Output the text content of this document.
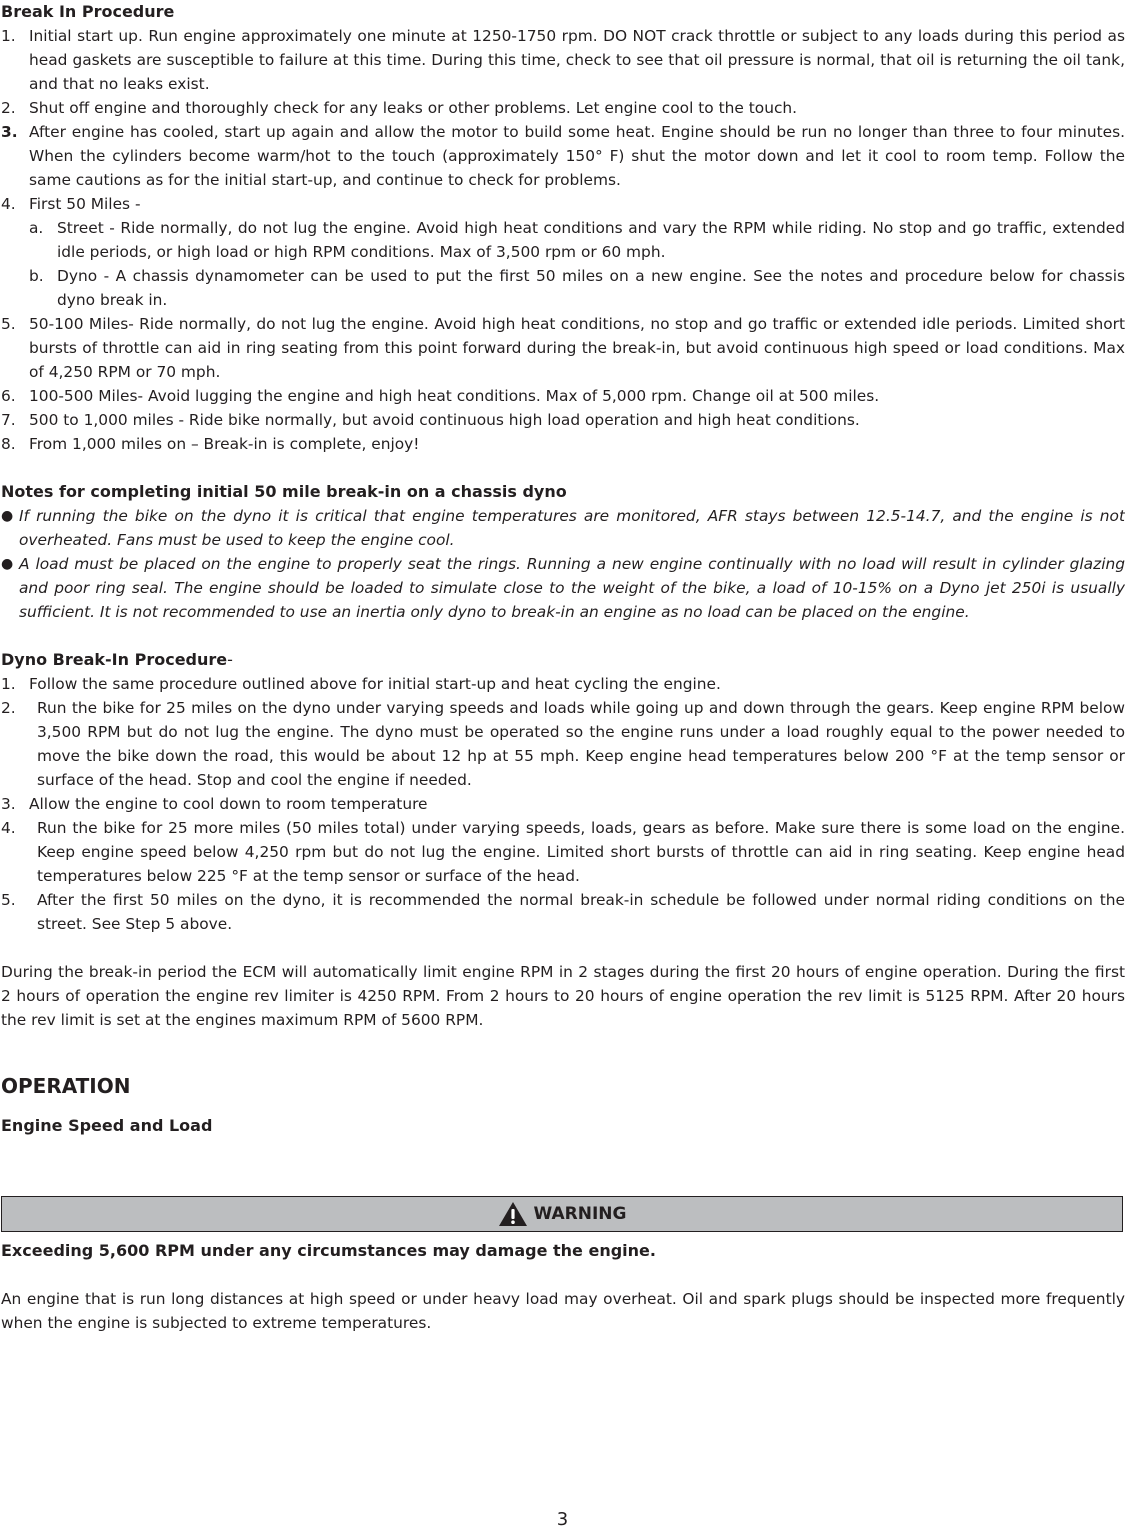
Break In Procedure

1. Initial start up. Run engine approximately one minute at 1250-1750 rpm. DO NOT crack throttle or subject to any loads during this period as head gaskets are susceptible to failure at this time. During this time, check to see that oil pressure is normal, that oil is returning the oil tank, and that no leaks exist.
2. Shut off engine and thoroughly check for any leaks or other problems. Let engine cool to the touch.
3. After engine has cooled, start up again and allow the motor to build some heat. Engine should be run no longer than three to four minutes. When the cylinders become warm/hot to the touch (approximately 150° F) shut the motor down and let it cool to room temp. Follow the same cautions as for the initial start-up, and continue to check for problems.
4. First 50 Miles -
a. Street - Ride normally, do not lug the engine. Avoid high heat conditions and vary the RPM while riding. No stop and go traffic, extended idle periods, or high load or high RPM conditions. Max of 3,500 rpm or 60 mph.
b. Dyno - A chassis dynamometer can be used to put the first 50 miles on a new engine. See the notes and procedure below for chassis dyno break in.
5. 50-100 Miles- Ride normally, do not lug the engine. Avoid high heat conditions, no stop and go traffic or extended idle periods. Limited short bursts of throttle can aid in ring seating from this point forward during the break-in, but avoid continuous high speed or load conditions. Max of 4,250 RPM or 70 mph.
6. 100-500 Miles- Avoid lugging the engine and high heat conditions. Max of 5,000 rpm. Change oil at 500 miles.
7. 500 to 1,000 miles - Ride bike normally, but avoid continuous high load operation and high heat conditions.
8. From 1,000 miles on – Break-in is complete, enjoy!

Notes for completing initial 50 mile break-in on a chassis dyno

● If running the bike on the dyno it is critical that engine temperatures are monitored, AFR stays between 12.5-14.7, and the engine is not overheated. Fans must be used to keep the engine cool.
● A load must be placed on the engine to properly seat the rings. Running a new engine continually with no load will result in cylinder glazing and poor ring seal. The engine should be loaded to simulate close to the weight of the bike, a load of 10-15% on a Dyno jet 250i is usually sufficient. It is not recommended to use an inertia only dyno to break-in an engine as no load can be placed on the engine.

Dyno Break-In Procedure-

1. Follow the same procedure outlined above for initial start-up and heat cycling the engine.
2. Run the bike for 25 miles on the dyno under varying speeds and loads while going up and down through the gears. Keep engine RPM below 3,500 RPM but do not lug the engine. The dyno must be operated so the engine runs under a load roughly equal to the power needed to move the bike down the road, this would be about 12 hp at 55 mph. Keep engine head temperatures below 200 °F at the temp sensor or surface of the head. Stop and cool the engine if needed.
3. Allow the engine to cool down to room temperature
4. Run the bike for 25 more miles (50 miles total) under varying speeds, loads, gears as before. Make sure there is some load on the engine. Keep engine speed below 4,250 rpm but do not lug the engine. Limited short bursts of throttle can aid in ring seating. Keep engine head temperatures below 225 °F at the temp sensor or surface of the head.
5. After the first 50 miles on the dyno, it is recommended the normal break-in schedule be followed under normal riding conditions on the street. See Step 5 above.

During the break-in period the ECM will automatically limit engine RPM in 2 stages during the first 20 hours of engine operation. During the first 2 hours of operation the engine rev limiter is 4250 RPM. From 2 hours to 20 hours of engine operation the rev limit is 5125 RPM. After 20 hours the rev limit is set at the engines maximum RPM of 5600 RPM.

OPERATION

Engine Speed and Load

WARNING

Exceeding 5,600 RPM under any circumstances may damage the engine.

An engine that is run long distances at high speed or under heavy load may overheat. Oil and spark plugs should be inspected more frequently when the engine is subjected to extreme temperatures.

3
